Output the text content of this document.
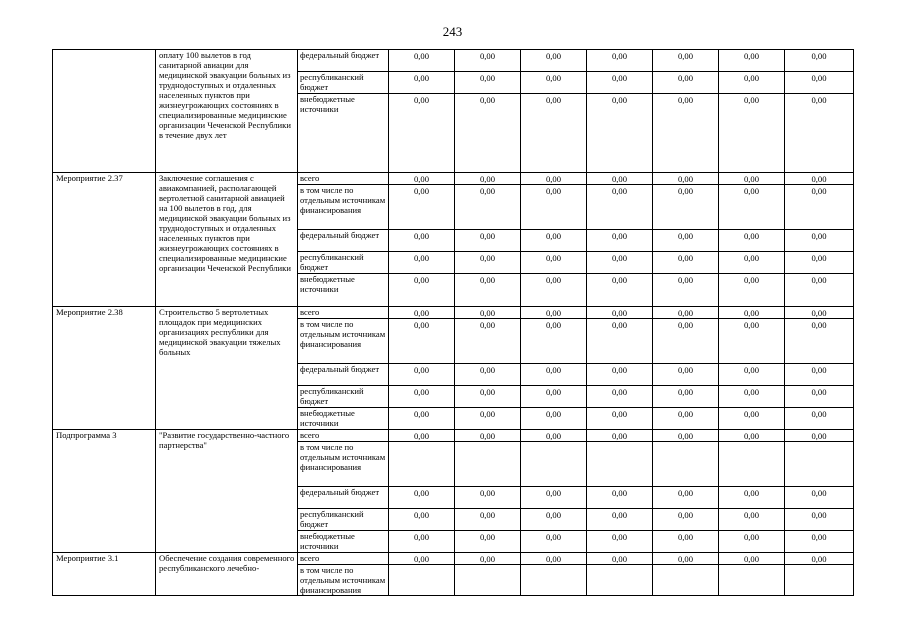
243
	оплату 100 вылетов в год санитарной авиации для медицинской эвакуации больных из труднодоступных и отдаленных населенных пунктов при жизнеугрожающих состояниях в специализированные медицинские организации Чеченской Республики в течение двух лет	федеральный бюджет	0,00	0,00	0,00	0,00	0,00	0,00	0,00
		республиканский бюджет	0,00	0,00	0,00	0,00	0,00	0,00	0,00
		внебюджетные источники	0,00	0,00	0,00	0,00	0,00	0,00	0,00
Мероприятие 2.37	Заключение соглашения с авиакомпанией, располагающей вертолетной санитарной авиацией на 100 вылетов в год, для медицинской эвакуации больных из труднодоступных и отдаленных населенных пунктов при жизнеугрожающих состояниях в специализированные медицинские организации Чеченской Республики	всего	0,00	0,00	0,00	0,00	0,00	0,00	0,00
		в том числе по отдельным источникам финансирования	0,00	0,00	0,00	0,00	0,00	0,00	0,00
		федеральный бюджет	0,00	0,00	0,00	0,00	0,00	0,00	0,00
		республиканский бюджет	0,00	0,00	0,00	0,00	0,00	0,00	0,00
		внебюджетные источники	0,00	0,00	0,00	0,00	0,00	0,00	0,00
Мероприятие 2.38	Строительство 5 вертолетных площадок при медицинских организациях республики для медицинской эвакуации тяжелых больных	всего	0,00	0,00	0,00	0,00	0,00	0,00	0,00
		в том числе по отдельным источникам финансирования	0,00	0,00	0,00	0,00	0,00	0,00	0,00
		федеральный бюджет	0,00	0,00	0,00	0,00	0,00	0,00	0,00
		республиканский бюджет	0,00	0,00	0,00	0,00	0,00	0,00	0,00
		внебюджетные источники	0,00	0,00	0,00	0,00	0,00	0,00	0,00
Подпрограмма 3	"Развитие государственно-частного партнерства"	всего	0,00	0,00	0,00	0,00	0,00	0,00	0,00
		в том числе по отдельным источникам финансирования							
		федеральный бюджет	0,00	0,00	0,00	0,00	0,00	0,00	0,00
		республиканский бюджет	0,00	0,00	0,00	0,00	0,00	0,00	0,00
		внебюджетные источники	0,00	0,00	0,00	0,00	0,00	0,00	0,00
Мероприятие 3.1	Обеспечение создания современного республиканского лечебно-	всего	0,00	0,00	0,00	0,00	0,00	0,00	0,00
		в том числе по отдельным источникам финансирования							
